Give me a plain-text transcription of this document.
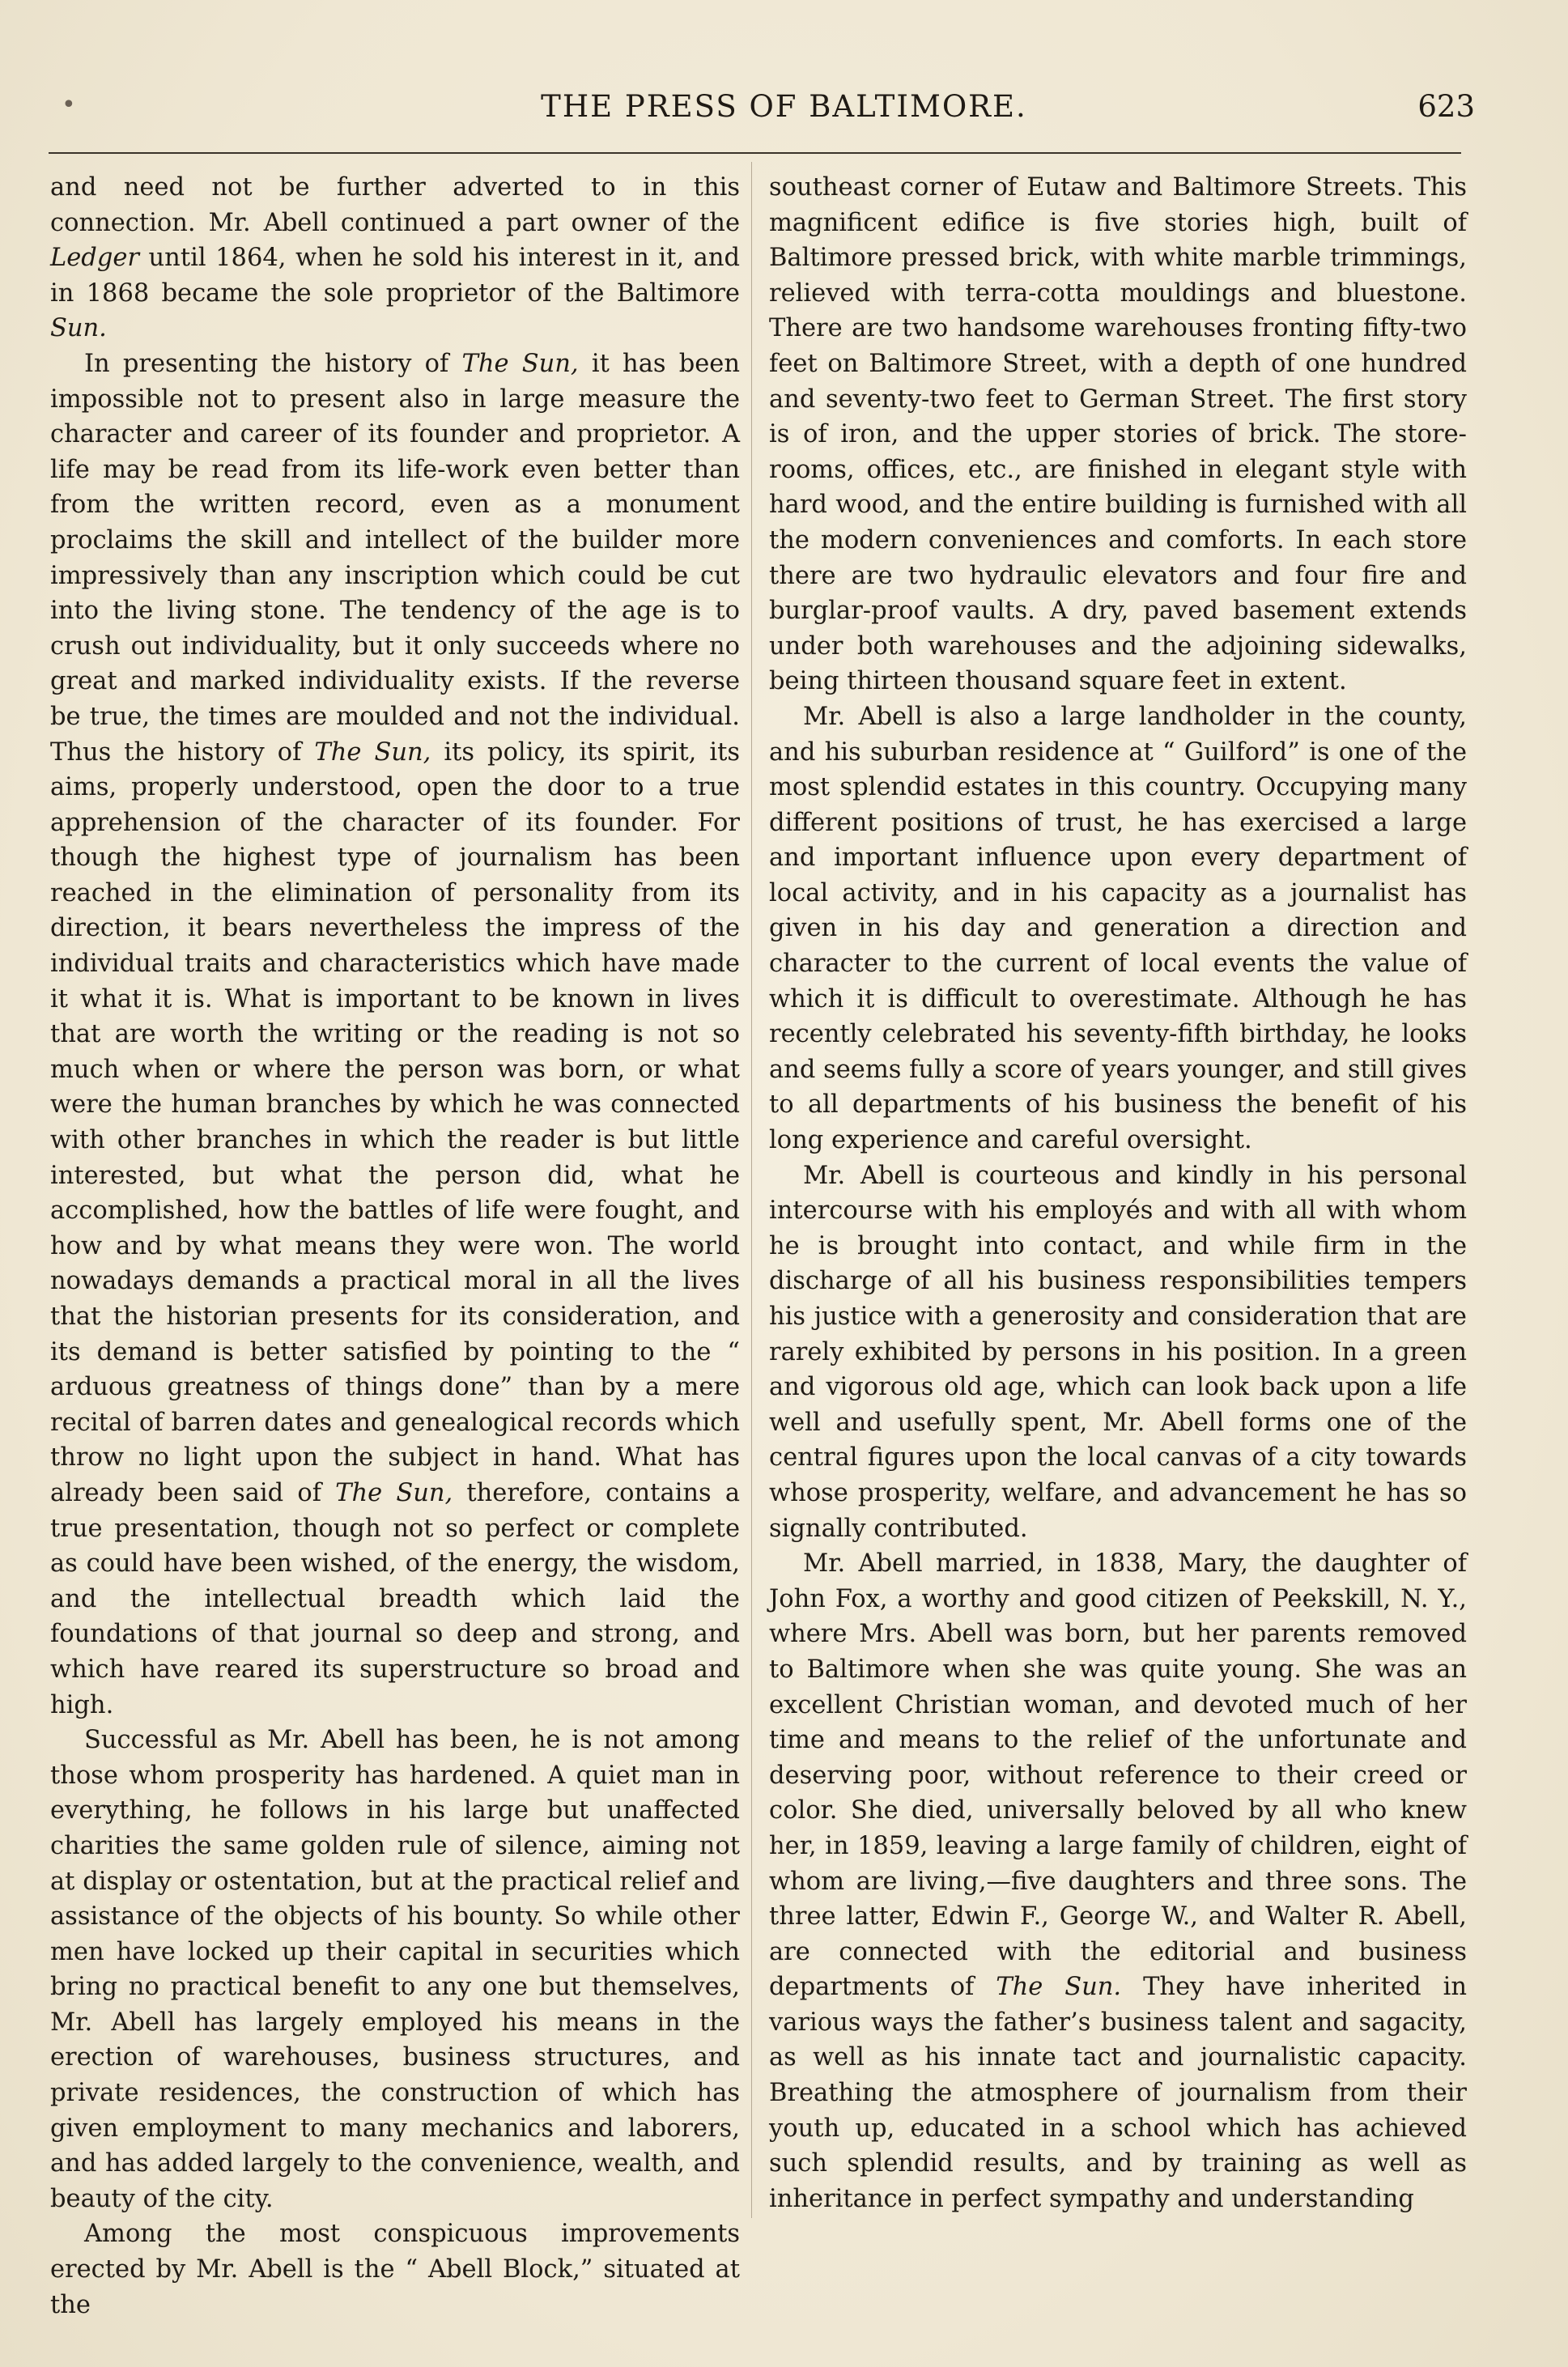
•	THE PRESS OF BALTIMORE.	623

and need not be further adverted to in this connection. Mr. Abell continued a part owner of the Ledger until 1864, when he sold his interest in it, and in 1868 became the sole proprietor of the Baltimore Sun.

In presenting the history of The Sun, it has been impossible not to present also in large measure the character and career of its founder and proprietor. A life may be read from its life-work even better than from the written record, even as a monument proclaims the skill and intellect of the builder more impressively than any inscription which could be cut into the living stone. The tendency of the age is to crush out individuality, but it only succeeds where no great and marked individuality exists. If the reverse be true, the times are moulded and not the individual. Thus the history of The Sun, its policy, its spirit, its aims, properly understood, open the door to a true apprehension of the character of its founder. For though the highest type of journalism has been reached in the elimination of personality from its direction, it bears nevertheless the impress of the individual traits and characteristics which have made it what it is. What is important to be known in lives that are worth the writing or the reading is not so much when or where the person was born, or what were the human branches by which he was connected with other branches in which the reader is but little interested, but what the person did, what he accomplished, how the battles of life were fought, and how and by what means they were won. The world nowadays demands a practical moral in all the lives that the historian presents for its consideration, and its demand is better satisfied by pointing to the “ arduous greatness of things done” than by a mere recital of barren dates and genealogical records which throw no light upon the subject in hand. What has already been said of The Sun, therefore, contains a true presentation, though not so perfect or complete as could have been wished, of the energy, the wisdom, and the intellectual breadth which laid the foundations of that journal so deep and strong, and which have reared its superstructure so broad and high.

Successful as Mr. Abell has been, he is not among those whom prosperity has hardened. A quiet man in everything, he follows in his large but unaffected charities the same golden rule of silence, aiming not at display or ostentation, but at the practical relief and assistance of the objects of his bounty. So while other men have locked up their capital in securities which bring no practical benefit to any one but themselves, Mr. Abell has largely employed his means in the erection of warehouses, business structures, and private residences, the construction of which has given employment to many mechanics and laborers, and has added largely to the convenience, wealth, and beauty of the city.

Among the most conspicuous improvements erected by Mr. Abell is the “ Abell Block,” situated at the

southeast corner of Eutaw and Baltimore Streets. This magnificent edifice is five stories high, built of Baltimore pressed brick, with white marble trimmings, relieved with terra-cotta mouldings and bluestone. There are two handsome warehouses fronting fifty-two feet on Baltimore Street, with a depth of one hundred and seventy-two feet to German Street. The first story is of iron, and the upper stories of brick. The store-rooms, offices, etc., are finished in elegant style with hard wood, and the entire building is furnished with all the modern conveniences and comforts. In each store there are two hydraulic elevators and four fire and burglar-proof vaults. A dry, paved basement extends under both warehouses and the adjoining sidewalks, being thirteen thousand square feet in extent.

Mr. Abell is also a large landholder in the county, and his suburban residence at “ Guilford” is one of the most splendid estates in this country. Occupying many different positions of trust, he has exercised a large and important influence upon every department of local activity, and in his capacity as a journalist has given in his day and generation a direction and character to the current of local events the value of which it is difficult to overestimate. Although he has recently celebrated his seventy-fifth birthday, he looks and seems fully a score of years younger, and still gives to all departments of his business the benefit of his long experience and careful oversight.

Mr. Abell is courteous and kindly in his personal intercourse with his employés and with all with whom he is brought into contact, and while firm in the discharge of all his business responsibilities tempers his justice with a generosity and consideration that are rarely exhibited by persons in his position. In a green and vigorous old age, which can look back upon a life well and usefully spent, Mr. Abell forms one of the central figures upon the local canvas of a city towards whose prosperity, welfare, and advancement he has so signally contributed.

Mr. Abell married, in 1838, Mary, the daughter of John Fox, a worthy and good citizen of Peekskill, N. Y., where Mrs. Abell was born, but her parents removed to Baltimore when she was quite young. She was an excellent Christian woman, and devoted much of her time and means to the relief of the unfortunate and deserving poor, without reference to their creed or color. She died, universally beloved by all who knew her, in 1859, leaving a large family of children, eight of whom are living,—five daughters and three sons. The three latter, Edwin F., George W., and Walter R. Abell, are connected with the editorial and business departments of The Sun. They have inherited in various ways the father’s business talent and sagacity, as well as his innate tact and journalistic capacity. Breathing the atmosphere of journalism from their youth up, educated in a school which has achieved such splendid results, and by training as well as inheritance in perfect sympathy and understanding
